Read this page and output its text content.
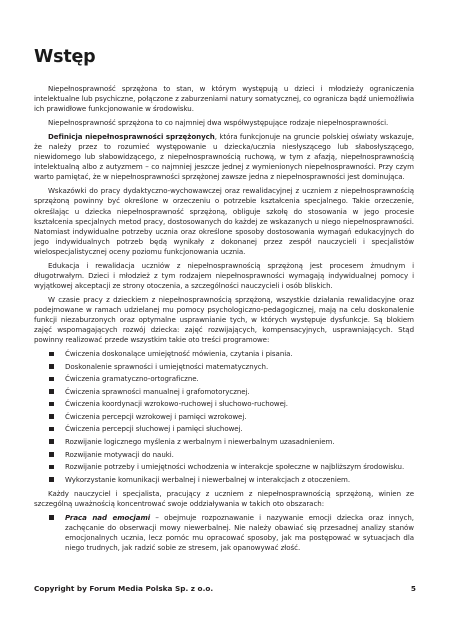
Wstęp

Niepełnosprawność sprzężona to stan, w którym występują u dzieci i młodzieży ograniczenia intelektualne lub psychiczne, połączone z zaburzeniami natury somatycznej, co ogranicza bądź uniemożliwia ich prawidłowe funkcjonowanie w środowisku.

Niepełnosprawność sprzężona to co najmniej dwa współwystępujące rodzaje niepełnosprawności.

Definicja niepełnosprawności sprzężonych, która funkcjonuje na gruncie polskiej oświaty wskazuje, że należy przez to rozumieć występowanie u dziecka/ucznia niesłyszącego lub słabosłyszącego, niewidomego lub słabowidzącego, z niepełnosprawnością ruchową, w tym z afazją, niepełnosprawnością intelektualną albo z autyzmem – co najmniej jeszcze jednej z wymienionych niepełnosprawności. Przy czym warto pamiętać, że w niepełnosprawności sprzężonej zawsze jedna z niepełnosprawności jest dominująca.

Wskazówki do pracy dydaktyczno-wychowawczej oraz rewalidacyjnej z uczniem z niepełnosprawnością sprzężoną powinny być określone w orzeczeniu o potrzebie kształcenia specjalnego. Takie orzeczenie, określając u dziecka niepełnosprawność sprzężoną, obliguje szkołę do stosowania w jego procesie kształcenia specjalnych metod pracy, dostosowanych do każdej ze wskazanych u niego niepełnosprawności. Natomiast indywidualne potrzeby ucznia oraz określone sposoby dostosowania wymagań edukacyjnych do jego indywidualnych potrzeb będą wynikały z dokonanej przez zespół nauczycieli i specjalistów wielospecjalistycznej oceny poziomu funkcjonowania ucznia.

Edukacja i rewalidacja uczniów z niepełnosprawnością sprzężoną jest procesem żmudnym i długotrwałym. Dzieci i młodzież z tym rodzajem niepełnosprawności wymagają indywidualnej pomocy i wyjątkowej akceptacji ze strony otoczenia, a szczególności nauczycieli i osób bliskich.

W czasie pracy z dzieckiem z niepełnosprawnością sprzężoną, wszystkie działania rewalidacyjne oraz podejmowane w ramach udzielanej mu pomocy psychologiczno-pedagogicznej, mają na celu doskonalenie funkcji niezaburzonych oraz optymalne usprawnianie tych, w których występuje dysfunkcje. Są blokiem zajęć wspomagających rozwój dziecka: zajęć rozwijających, kompensacyjnych, usprawniających. Stąd powinny realizować przede wszystkim takie oto treści programowe:

Ćwiczenia doskonalące umiejętność mówienia, czytania i pisania.
Doskonalenie sprawności i umiejętności matematycznych.
Ćwiczenia gramatyczno-ortograficzne.
Ćwiczenia sprawności manualnej i grafomotorycznej.
Ćwiczenia koordynacji wzrokowo-ruchowej i słuchowo-ruchowej.
Ćwiczenia percepcji wzrokowej i pamięci wzrokowej.
Ćwiczenia percepcji słuchowej i pamięci słuchowej.
Rozwijanie logicznego myślenia z werbalnym i niewerbalnym uzasadnieniem.
Rozwijanie motywacji do nauki.
Rozwijanie potrzeby i umiejętności wchodzenia w interakcje społeczne w najbliższym środowisku.
Wykorzystanie komunikacji werbalnej i niewerbalnej w interakcjach z otoczeniem.

Każdy nauczyciel i specjalista, pracujący z uczniem z niepełnosprawnością sprzężoną, winien ze szczególną uważnością koncentrować swoje oddziaływania w takich oto obszarach:

Praca nad emocjami – obejmuje rozpoznawanie i nazywanie emocji dziecka oraz innych, zachęcanie do obserwacji mowy niewerbalnej. Nie należy obawiać się przesadnej analizy stanów emocjonalnych ucznia, lecz pomóc mu opracować sposoby, jak ma postępować w sytuacjach dla niego trudnych, jak radzić sobie ze stresem, jak opanowywać złość.
Copyright by Forum Media Polska Sp. z o.o.	5
